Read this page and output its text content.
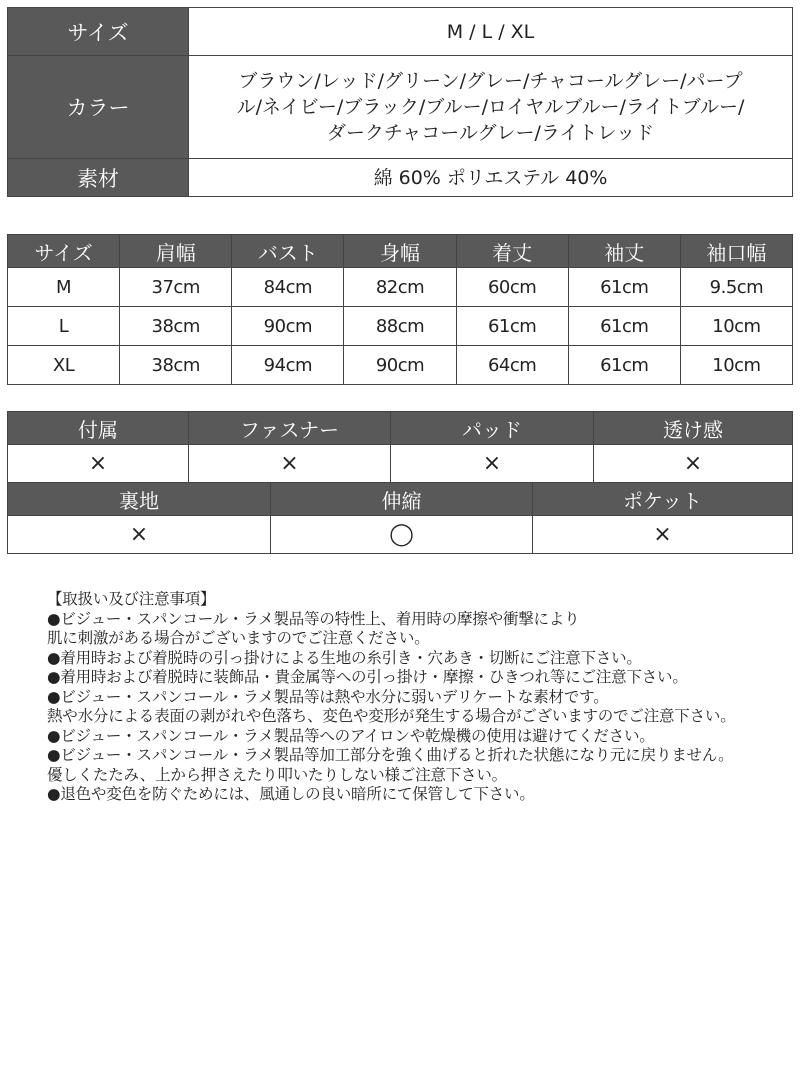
サイズ	M / L / XL
カラー	ブラウン/レッド/グリーン/グレー/チャコールグレー/パープ
ル/ネイビー/ブラック/ブルー/ロイヤルブルー/ライトブルー/
ダークチャコールグレー/ライトレッド

素材	綿 60% ポリエステル 40%
サイズ	肩幅	バスト	身幅	着丈	袖丈	袖口幅
M	37cm	84cm	82cm	60cm	61cm	9.5cm
L	38cm	90cm	88cm	61cm	61cm	10cm
XL	38cm	94cm	90cm	64cm	61cm	10cm
付属	ファスナー	パッド	透け感
×	×	×	×
裏地	伸縮	ポケット
×	◯	×
【取扱い及び注意事項】
●ビジュー・スパンコール・ラメ製品等の特性上、着用時の摩擦や衝撃により
肌に刺激がある場合がございますのでご注意ください。
●着用時および着脱時の引っ掛けによる生地の糸引き・穴あき・切断にご注意下さい。
●着用時および着脱時に装飾品・貴金属等への引っ掛け・摩擦・ひきつれ等にご注意下さい。
●ビジュー・スパンコール・ラメ製品等は熱や水分に弱いデリケートな素材です。
熱や水分による表面の剥がれや色落ち、変色や変形が発生する場合がございますのでご注意下さい。
●ビジュー・スパンコール・ラメ製品等へのアイロンや乾燥機の使用は避けてください。
●ビジュー・スパンコール・ラメ製品等加工部分を強く曲げると折れた状態になり元に戻りません。
優しくたたみ、上から押さえたり叩いたりしない様ご注意下さい。
●退色や変色を防ぐためには、風通しの良い暗所にて保管して下さい。
